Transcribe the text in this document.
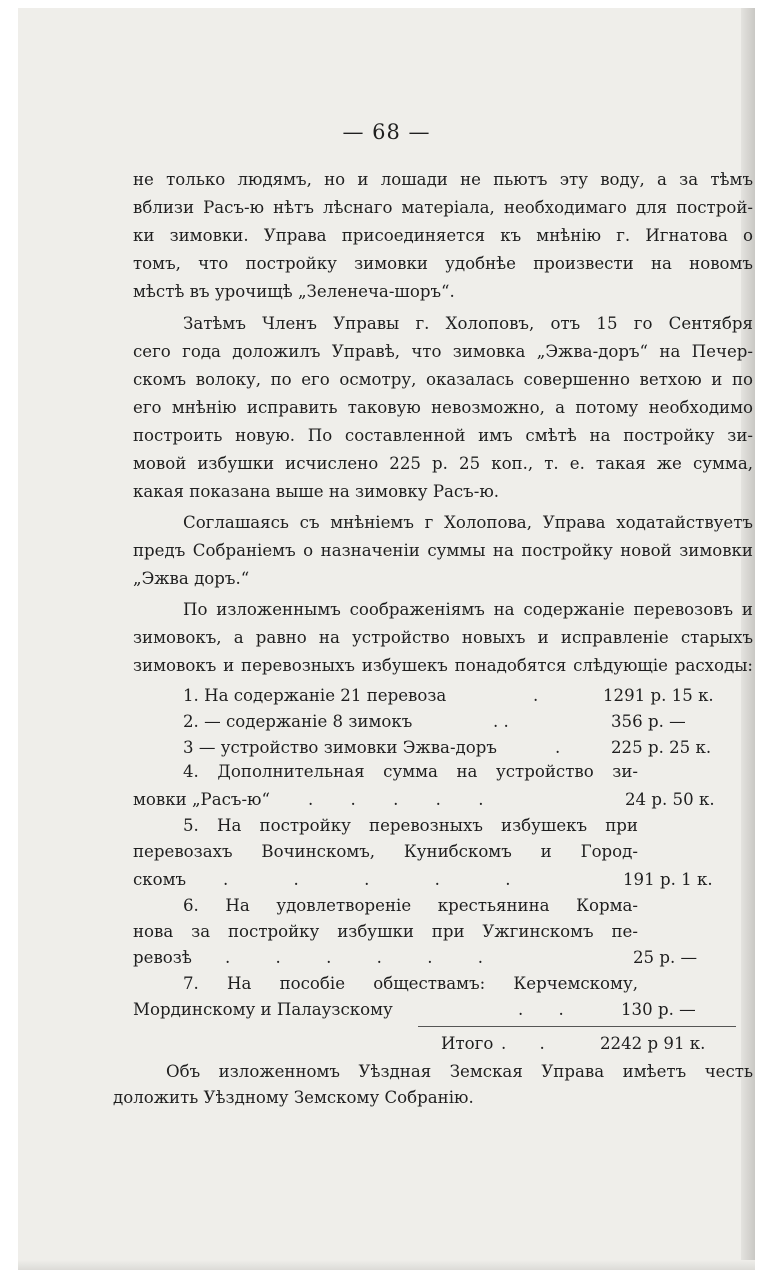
— 68 —
не только людямъ, но и лошади не пьютъ эту воду, а за тѣмъ
вблизи Расъ-ю нѣтъ лѣснаго матеріала, необходимаго для построй-
ки зимовки. Управа присоединяется къ мнѣнію г. Игнатова о
томъ, что постройку зимовки удобнѣе произвести на новомъ
мѣстѣ въ урочищѣ „Зеленеча-шоръ“.
Затѣмъ Членъ Управы г. Холоповъ, отъ 15 го Сентября
сего года доложилъ Управѣ, что зимовка „Эжва-доръ“ на Печер-
скомъ волоку, по его осмотру, оказалась совершенно ветхою и по
его мнѣнію исправить таковую невозможно, а потому необходимо
построить новую. По составленной имъ смѣтѣ на постройку зи-
мовой избушки исчислено 225 р. 25 коп., т. е. такая же сумма,
какая показана выше на зимовку Расъ-ю.
Соглашаясь съ мнѣніемъ г Холопова, Управа ходатайствуетъ
предъ Собраніемъ о назначеніи суммы на постройку новой зимовки
„Эжва доръ.“
По изложеннымъ соображеніямъ на содержаніе перевозовъ и
зимовокъ, а равно на устройство новыхъ и исправленіе старыхъ
зимовокъ и перевозныхъ избушекъ понадобятся слѣдующіе расходы:
1. На содержаніе 21 перевоза	.	1291 р. 15 к.
2. — содержаніе 8 зимокъ	. .	356 р. —
3 — устройство зимовки Эжва-доръ	.	225 р. 25 к.
4. Дополнительная сумма на устройство зи-
мовки „Расъ-ю“ . . . . .	24 р. 50 к.
5. На постройку перевозныхъ избушекъ при
перевозахъ Вочинскомъ, Кунибскомъ и Город-
скомъ . . . . .	191 р. 1 к.
6. На удовлетвореніе крестьянина Корма-
нова за постройку избушки при Ужгинскомъ пе-
ревозѣ . . . . . .	25 р. —
7. На пособіе обществамъ: Керчемскому,
Мординскому и Палаузскому	. .	130 р. —
Итого . .	2242 р 91 к.
Объ изложенномъ Уѣздная Земская Управа имѣетъ честь
доложить Уѣздному Земскому Собранію.
